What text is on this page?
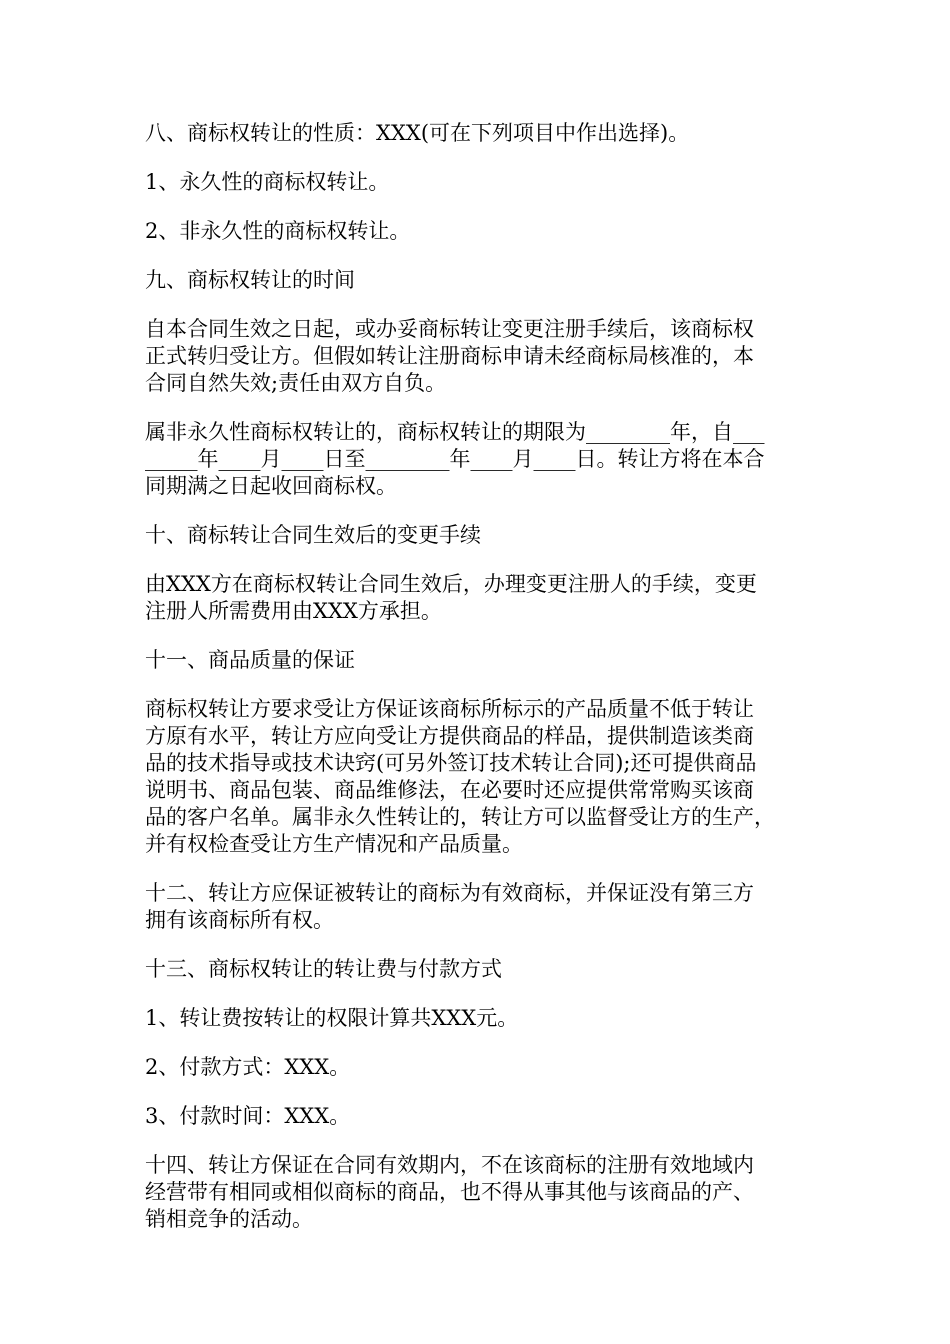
八、商标权转让的性质：XXX(可在下列项目中作出选择)。

1、永久性的商标权转让。

2、非永久性的商标权转让。

九、商标权转让的时间

自本合同生效之日起，或办妥商标转让变更注册手续后，该商标权

正式转归受让方。但假如转让注册商标申请未经商标局核准的，本

合同自然失效;责任由双方自负。

属非永久性商标权转让的，商标权转让的期限为________年，自___

_____年____月____日至________年____月____日。转让方将在本合

同期满之日起收回商标权。

十、商标转让合同生效后的变更手续

由XXX方在商标权转让合同生效后，办理变更注册人的手续，变更

注册人所需费用由XXX方承担。

十一、商品质量的保证

商标权转让方要求受让方保证该商标所标示的产品质量不低于转让

方原有水平，转让方应向受让方提供商品的样品，提供制造该类商

品的技术指导或技术诀窍(可另外签订技术转让合同);还可提供商品

说明书、商品包装、商品维修法，在必要时还应提供常常购买该商

品的客户名单。属非永久性转让的，转让方可以监督受让方的生产，

并有权检查受让方生产情况和产品质量。

十二、转让方应保证被转让的商标为有效商标，并保证没有第三方

拥有该商标所有权。

十三、商标权转让的转让费与付款方式

1、转让费按转让的权限计算共XXX元。

2、付款方式：XXX。

3、付款时间：XXX。

十四、转让方保证在合同有效期内，不在该商标的注册有效地域内

经营带有相同或相似商标的商品，也不得从事其他与该商品的产、

销相竞争的活动。
